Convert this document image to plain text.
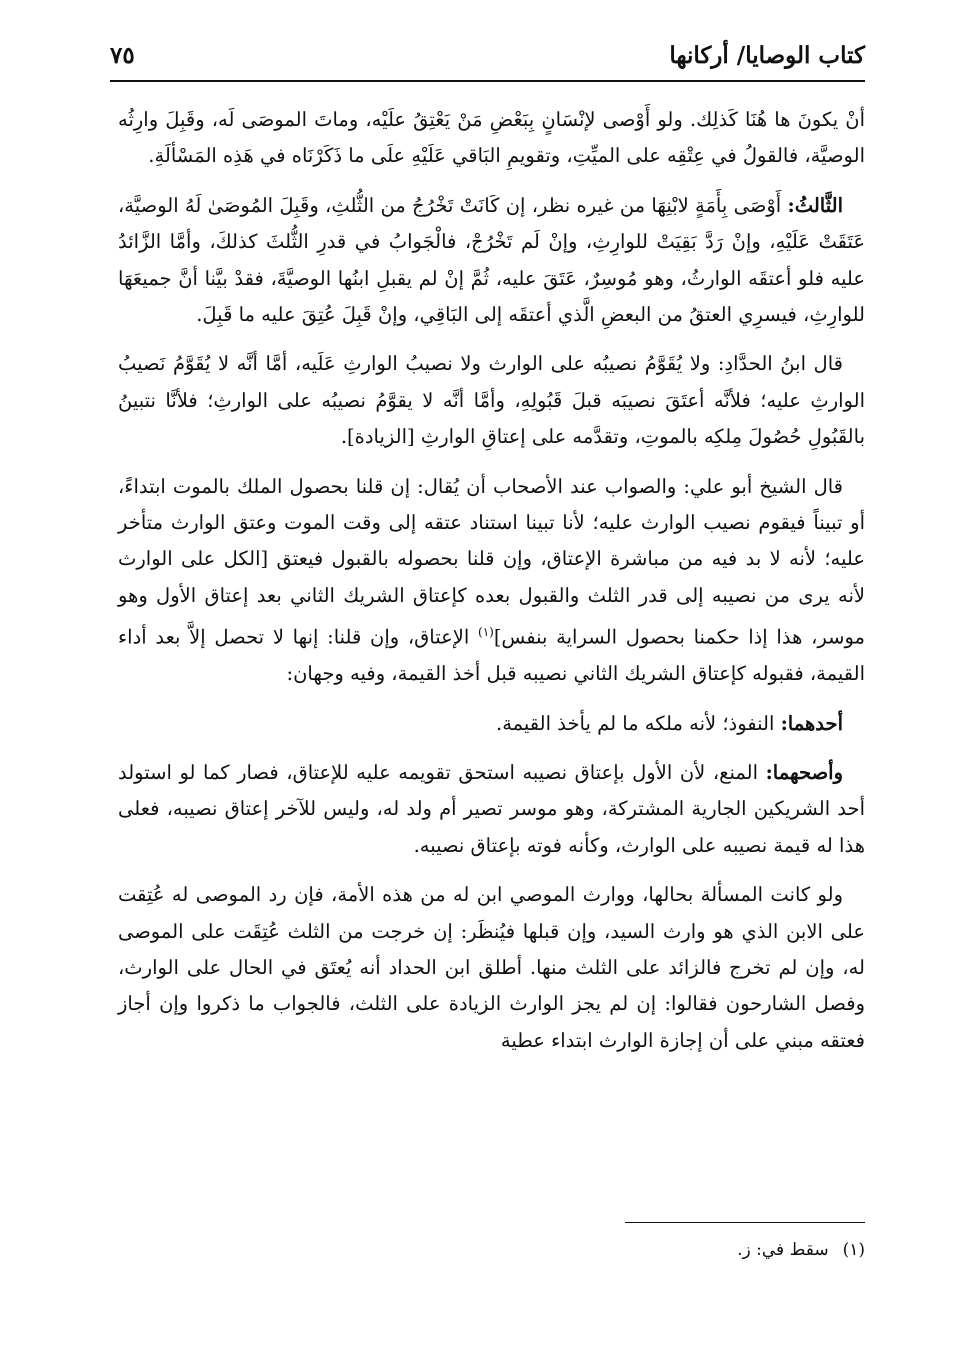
كتاب الوصايا/ أركانها
٧٥

أنْ يكونَ ها هُنَا كَذلِك. ولو أَوْصى لإنْسَانٍ بِبَعْضِ مَنْ يَعْتِقُ علَيْه، وماتَ الموصَى لَه، وقَبِلَ وارِثُه الوصيَّة، فالقولُ في عِتْقِه على الميِّتِ، وتقويمِ البَاقي عَلَيْهِ علَى ما ذَكَرْنَاه في هَذِه المَسْألَةِ.

الثَّالثُ: أَوْصَى بِأَمَةٍ لابْنِهَا من غيره نظر، إن كَانَتْ تَخْرُجُ من الثُّلثِ، وقَبِلَ المُوصَىٰ لَهُ الوصيَّة، عَتَقَتْ عَلَيْهِ، وإنْ رَدَّ بَقِيَتْ للوارِثِ، وإنْ لَم تَخْرُجْ، فالْجَوابُ في قدرِ الثُّلثَ كذلكَ، وأمَّا الزَّائدُ عليه فلو أعتقَه الوارثُ، وهو مُوسِرٌ، عَتَقَ عليه، ثُمَّ إنْ لم يقبلِ ابنُها الوصيَّةَ، فقدْ بيَّنا أنَّ جميعَهَا للوارِثِ، فيسرِي العتقُ من البعضِ الَّذي أعتقَه إلى البَاقِي، وإنْ قَبِلَ عُتِقَ عليه ما قَبِلَ.

قال ابنُ الحدَّادِ: ولا يُقَوَّمُ نصيبُه على الوارث ولا نصيبُ الوارثِ عَلَيه، أمَّا أنَّه لا يُقَوَّمُ نَصيبُ الوارثِ عليه؛ فلأنَّه أعتَقَ نصيبَه قبلَ قَبُولِهِ، وأمَّا أنَّه لا يقوَّمُ نصيبُه على الوارثِ؛ فلأنَّا نتبينُ بالقَبُولِ حُصُولَ مِلكِه بالموتِ، وتقدَّمه على إعتاقِ الوارثِ [الزيادة].

قال الشيخ أبو علي: والصواب عند الأصحاب أن يُقال: إن قلنا بحصول الملك بالموت ابتداءً، أو تبيناً فيقوم نصيب الوارث عليه؛ لأنا تبينا استناد عتقه إلى وقت الموت وعتق الوارث متأخر عليه؛ لأنه لا بد فيه من مباشرة الإعتاق، وإن قلنا بحصوله بالقبول فيعتق [الكل على الوارث لأنه يرى من نصيبه إلى قدر الثلث والقبول بعده كإعتاق الشريك الثاني بعد إعتاق الأول وهو موسر، هذا إذا حكمنا بحصول السراية بنفس]$^{(١)}$ الإعتاق، وإن قلنا: إنها لا تحصل إلاَّ بعد أداء القيمة، فقبوله كإعتاق الشريك الثاني نصيبه قبل أخذ القيمة، وفيه وجهان:

أحدهما: النفوذ؛ لأنه ملكه ما لم يأخذ القيمة.

وأصحهما: المنع، لأن الأول بإعتاق نصيبه استحق تقويمه عليه للإعتاق، فصار كما لو استولد أحد الشريكين الجارية المشتركة، وهو موسر تصير أم ولد له، وليس للآخر إعتاق نصيبه، فعلى هذا له قيمة نصيبه على الوارث، وكأنه فوته بإعتاق نصيبه.

ولو كانت المسألة بحالها، ووارث الموصي ابن له من هذه الأمة، فإن رد الموصى له عُتِقت على الابن الذي هو وارث السيد، وإن قبلها فيُنظَر: إن خرجت من الثلث عُتِقَت على الموصى له، وإن لم تخرج فالزائد على الثلث منها. أطلق ابن الحداد أنه يُعتَق في الحال على الوارث، وفصل الشارحون فقالوا: إن لم يجز الوارث الزيادة على الثلث، فالجواب ما ذكروا وإن أجاز فعتقه مبني على أن إجازة الوارث ابتداء عطية

(١)سقط في: ز.
